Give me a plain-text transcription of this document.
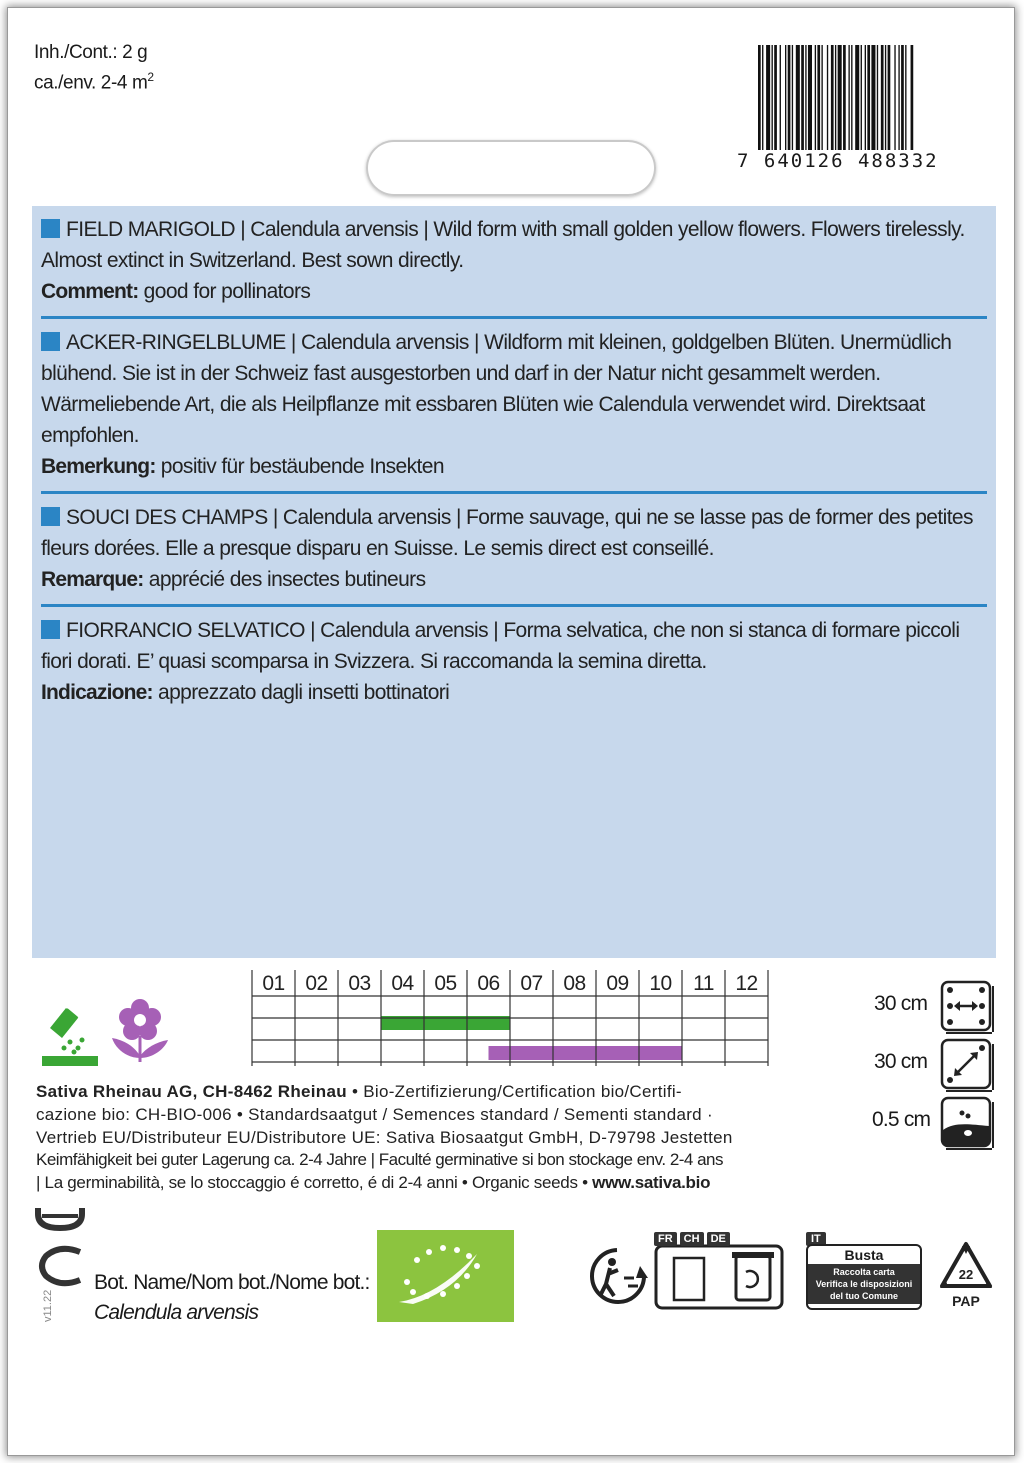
Inh./Cont.: 2 g
ca./env. 2-4 $m^2$
7 640126 488332
FIELD MARIGOLD | Calendula arvensis | Wild form with small golden yellow flowers. Flowers tirelessly. Almost extinct in Switzerland. Best sown directly.
Comment: good for pollinators
ACKER-RINGELBLUME | Calendula arvensis | Wildform mit kleinen, goldgelben Blüten. Unermüdlich blühend. Sie ist in der Schweiz fast ausgestorben und darf in der Natur nicht gesammelt werden. Wärmeliebende Art, die als Heilpflanze mit essbaren Blüten wie Calendula verwendet wird. Direktsaat empfohlen.
Bemerkung: positiv für bestäubende Insekten
SOUCI DES CHAMPS | Calendula arvensis | Forme sauvage, qui ne se lasse pas de former des petites fleurs dorées. Elle a presque disparu en Suisse. Le semis direct est conseillé.
Remarque: apprécié des insectes butineurs
FIORRANCIO SELVATICO | Calendula arvensis | Forma selvatica, che non si stanca di formare piccoli fiori dorati. E’ quasi scomparsa in Svizzera. Si raccomanda la semina diretta.
Indicazione: apprezzato dagli insetti bottinatori
01 02 03 04 05 06 07 08 09 10 11 12
30 cm
30 cm
0.5 cm
Sativa Rheinau AG, CH-8462 Rheinau • Bio-Zertifizierung/Certification bio/Certifi-
cazione bio: CH-BIO-006 • Standardsaatgut / Semences standard / Sementi standard ·
Vertrieb EU/Distributeur EU/Distributore UE: Sativa Biosaatgut GmbH, D-79798 Jestetten
Keimfähigkeit bei guter Lagerung ca. 2-4 Jahre | Faculté germinative si bon stockage env. 2-4 ans
| La germinabilità, se lo stoccaggio é corretto, é di 2-4 anni • Organic seeds • www.sativa.bio
v11.22
Bot. Name/Nom bot./Nome bot.:
Calendula arvensis
FR	CH	DE	IT
Busta
Raccolta carta
Verifica le disposizioni
del tuo Comune
22
PAP
